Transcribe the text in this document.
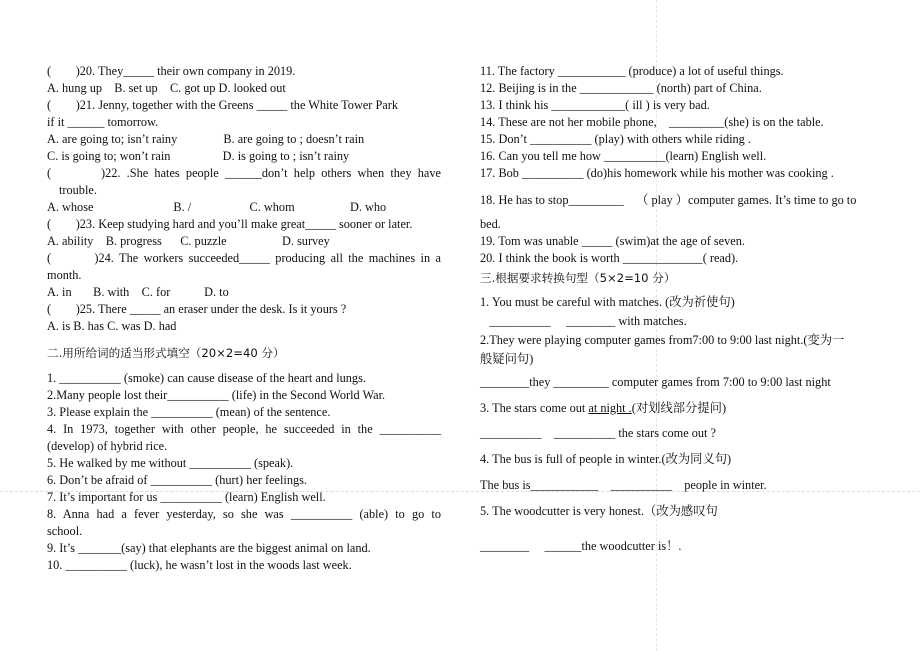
(        )20. They_____ their own company in 2019.
A. hung up    B. set up    C. got up D. looked out
(        )21. Jenny, together with the Greens _____ the White Tower Park
if it ______ tomorrow.
A. are going to; isn’t rainy               B. are going to ; doesn’t rain
C. is going to; won’t rain                 D. is going to ; isn’t rainy
(        )22. .She hates people ______don’t help others when they have
trouble.
A. whose                          B. /                   C. whom                  D. who
(        )23. Keep studying hard and you’ll make great_____ sooner or later.
A. ability    B. progress      C. puzzle                  D. survey
(        )24. The workers succeeded_____ producing all the machines in a
month.
A. in       B. with    C. for           D. to
(        )25. There _____ an eraser under the desk. Is it yours ?
A. is B. has C. was D. had
二.用所给词的适当形式填空（20×2=40 分）
1. __________ (smoke) can cause disease of the heart and lungs.
2.Many people lost their__________ (life) in the Second World War.
3. Please explain the __________ (mean) of the sentence.
4. In 1973, together with other people, he succeeded in the __________
(develop) of hybrid rice.
5. He walked by me without __________ (speak).
6. Don’t be afraid of __________ (hurt) her feelings.
7. It’s important for us __________ (learn) English well.
8. Anna had a fever yesterday, so she was __________ (able) to go to
school.
9. It’s _______(say) that elephants are the biggest animal on land.
10. __________ (luck), he wasn’t lost in the woods last week.
11. The factory ___________ (produce) a lot of useful things.
12. Beijing is in the ____________ (north) part of China.
13. I think his ____________( ill ) is very bad.
14. These are not her mobile phone,    _________(she) is on the table.
15. Don’t __________ (play) with others while riding .
16. Can you tell me how __________(learn) English well.
17. Bob __________ (do)his homework while his mother was cooking .
18. He has to stop_________    （ play ）computer games. It’s time to go to
bed.
19. Tom was unable _____ (swim)at the age of seven.
20. I think the book is worth _____________( read).
三.根据要求转换句型（5×2=10 分）
1. You must be careful with matches. (改为祈使句)
__________     ________ with matches.
2.They were playing computer games from7:00 to 9:00 last night.(变为一
般疑问句)
________they _________ computer games from 7:00 to 9:00 last night
3. The stars come out at night .(对划线部分提问)
__________    __________ the stars come out ?
4. The bus is full of people in winter.(改为同义句)
The bus is___________    __________    people in winter.
5. The woodcutter is very honest.（改为感叹句
________     ______the woodcutter is！.
